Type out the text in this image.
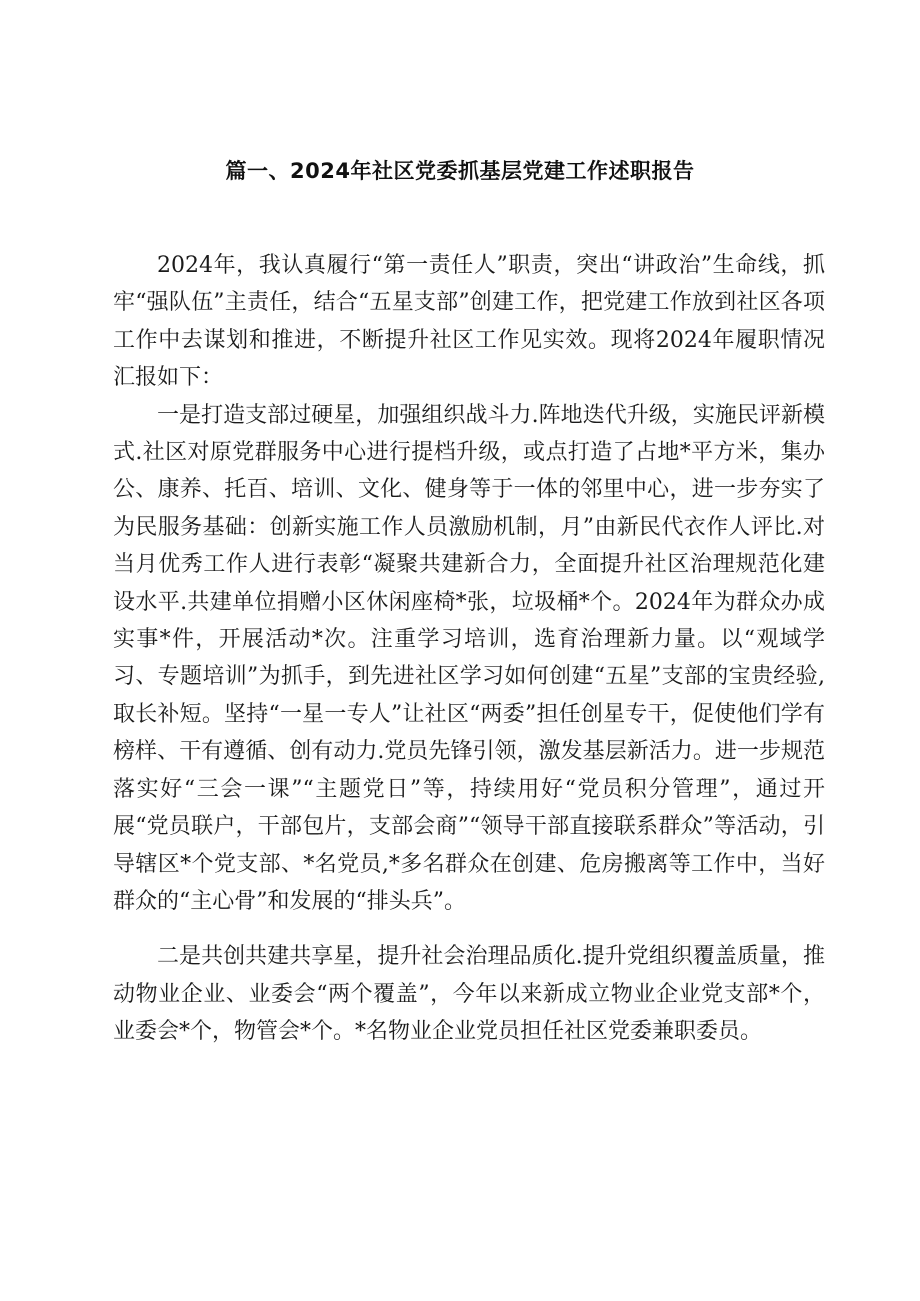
篇一、2024年社区党委抓基层党建工作述职报告

2024年，我认真履行“第一责任人”职责，突出“讲政治”生命线，抓牢“强队伍”主责任，结合“五星支部”创建工作，把党建工作放到社区各项工作中去谋划和推进，不断提升社区工作见实效。现将2024年履职情况汇报如下：

一是打造支部过硬星，加强组织战斗力.阵地迭代升级，实施民评新模式.社区对原党群服务中心进行提档升级，或点打造了占地*平方米，集办公、康养、托百、培训、文化、健身等于一体的邻里中心，进一步夯实了为民服务基础：创新实施工作人员激励机制，月”由新民代衣作人评比.对当月优秀工作人进行表彰“凝聚共建新合力，全面提升社区治理规范化建设水平.共建单位捐赠小区休闲座椅*张，垃圾桶*个。2024年为群众办成实事*件，开展活动*次。注重学习培训，选育治理新力量。以“观域学习、专题培训”为抓手，到先进社区学习如何创建“五星”支部的宝贵经验,取长补短。坚持“一星一专人”让社区“两委”担任创星专干，促使他们学有榜样、干有遵循、创有动力.党员先锋引领，激发基层新活力。进一步规范落实好“三会一课”“主题党日”等，持续用好“党员积分管理”，通过开展“党员联户，干部包片，支部会商”“领导干部直接联系群众”等活动，引导辖区*个党支部、*名党员,*多名群众在创建、危房搬离等工作中，当好群众的“主心骨”和发展的“排头兵”。

二是共创共建共享星，提升社会治理品质化.提升党组织覆盖质量，推动物业企业、业委会“两个覆盖”，今年以来新成立物业企业党支部*个，业委会*个，物管会*个。*名物业企业党员担任社区党委兼职委员。
